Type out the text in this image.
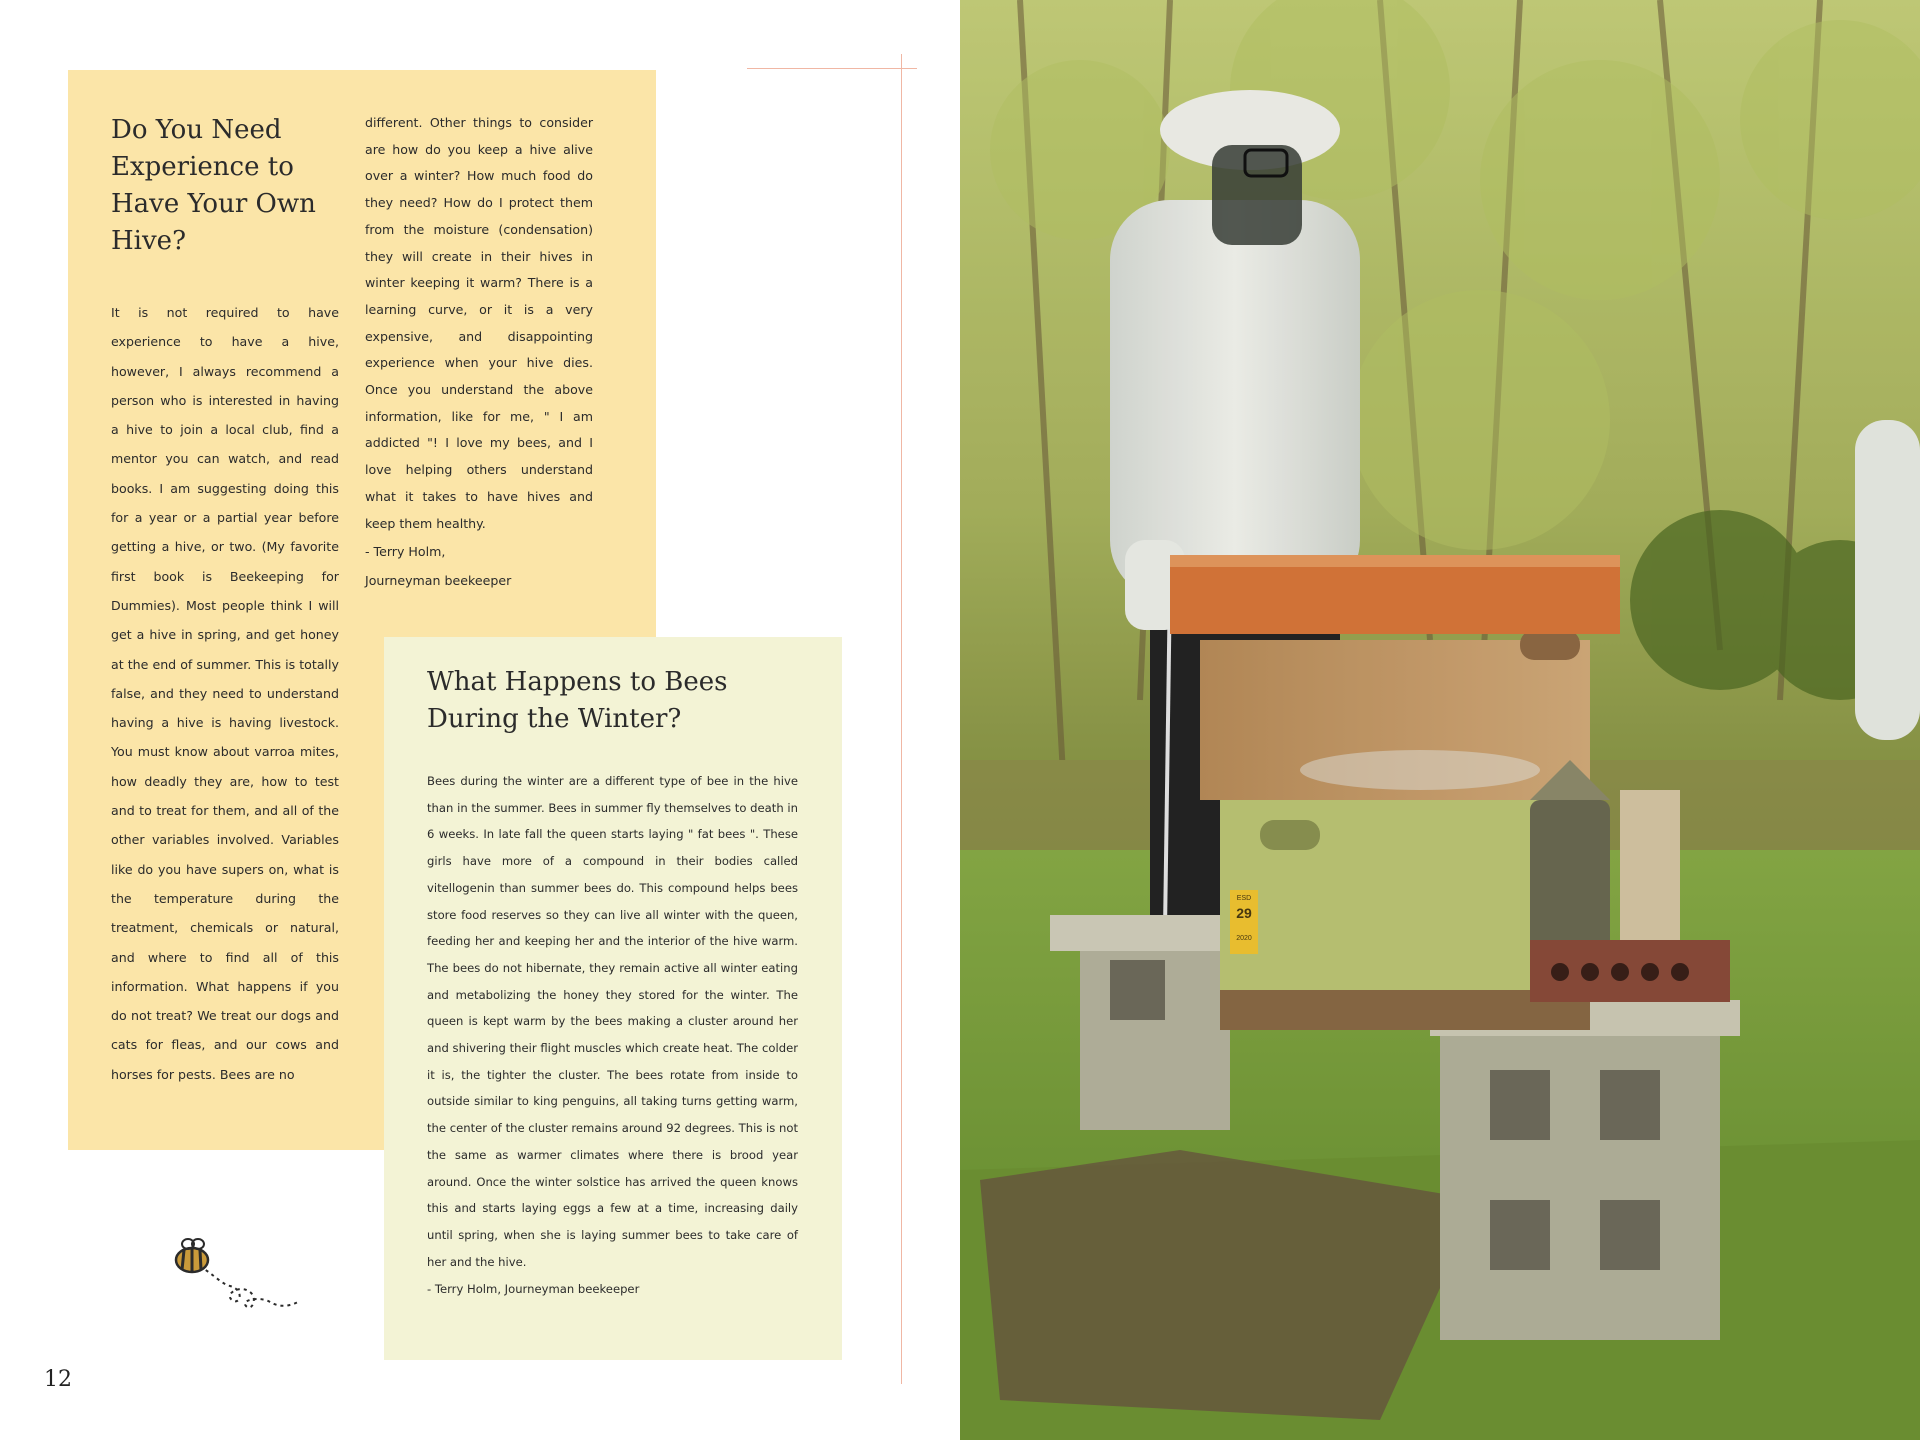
Do You Need Experience to Have Your Own Hive?

It is not required to have experience to have a hive, however, I always recommend a person who is interested in having a hive to join a local club, find a mentor you can watch, and read books. I am suggesting doing this for a year or a partial year before getting a hive, or two. (My favorite first book is Beekeeping for Dummies). Most people think I will get a hive in spring, and get honey at the end of summer. This is totally false, and they need to understand having a hive is having livestock. You must know about varroa mites, how deadly they are, how to test and to treat for them, and all of the other variables involved. Variables like do you have supers on, what is the temperature during the treatment, chemicals or natural, and where to find all of this information. What happens if you do not treat? We treat our dogs and cats for fleas, and our cows and horses for pests. Bees are no

different. Other things to consider are how do you keep a hive alive over a winter? How much food do they need? How do I protect them from the moisture (condensation) they will create in their hives in winter keeping it warm? There is a learning curve, or it is a very expensive, and disappointing experience when your hive dies. Once you understand the above information, like for me, " I am addicted "! I love my bees, and I love helping others understand what it takes to have hives and keep them healthy.

- Terry Holm,

Journeyman beekeeper

What Happens to Bees During the Winter?

Bees during the winter are a different type of bee in the hive than in the summer. Bees in summer fly themselves to death in 6 weeks. In late fall the queen starts laying " fat bees ". These girls have more of a compound in their bodies called vitellogenin than summer bees do. This compound helps bees store food reserves so they can live all winter with the queen, feeding her and keeping her and the interior of the hive warm. The bees do not hibernate, they remain active all winter eating and metabolizing the honey they stored for the winter. The queen is kept warm by the bees making a cluster around her and shivering their flight muscles which create heat. The colder it is, the tighter the cluster. The bees rotate from inside to outside similar to king penguins, all taking turns getting warm, the center of the cluster remains around 92 degrees. This is not the same as warmer climates where there is brood year around. Once the winter solstice has arrived the queen knows this and starts laying eggs a few at a time, increasing daily until spring, when she is laying summer bees to take care of her and the hive.

- Terry Holm, Journeyman beekeeper

12
29
ESD
2020
